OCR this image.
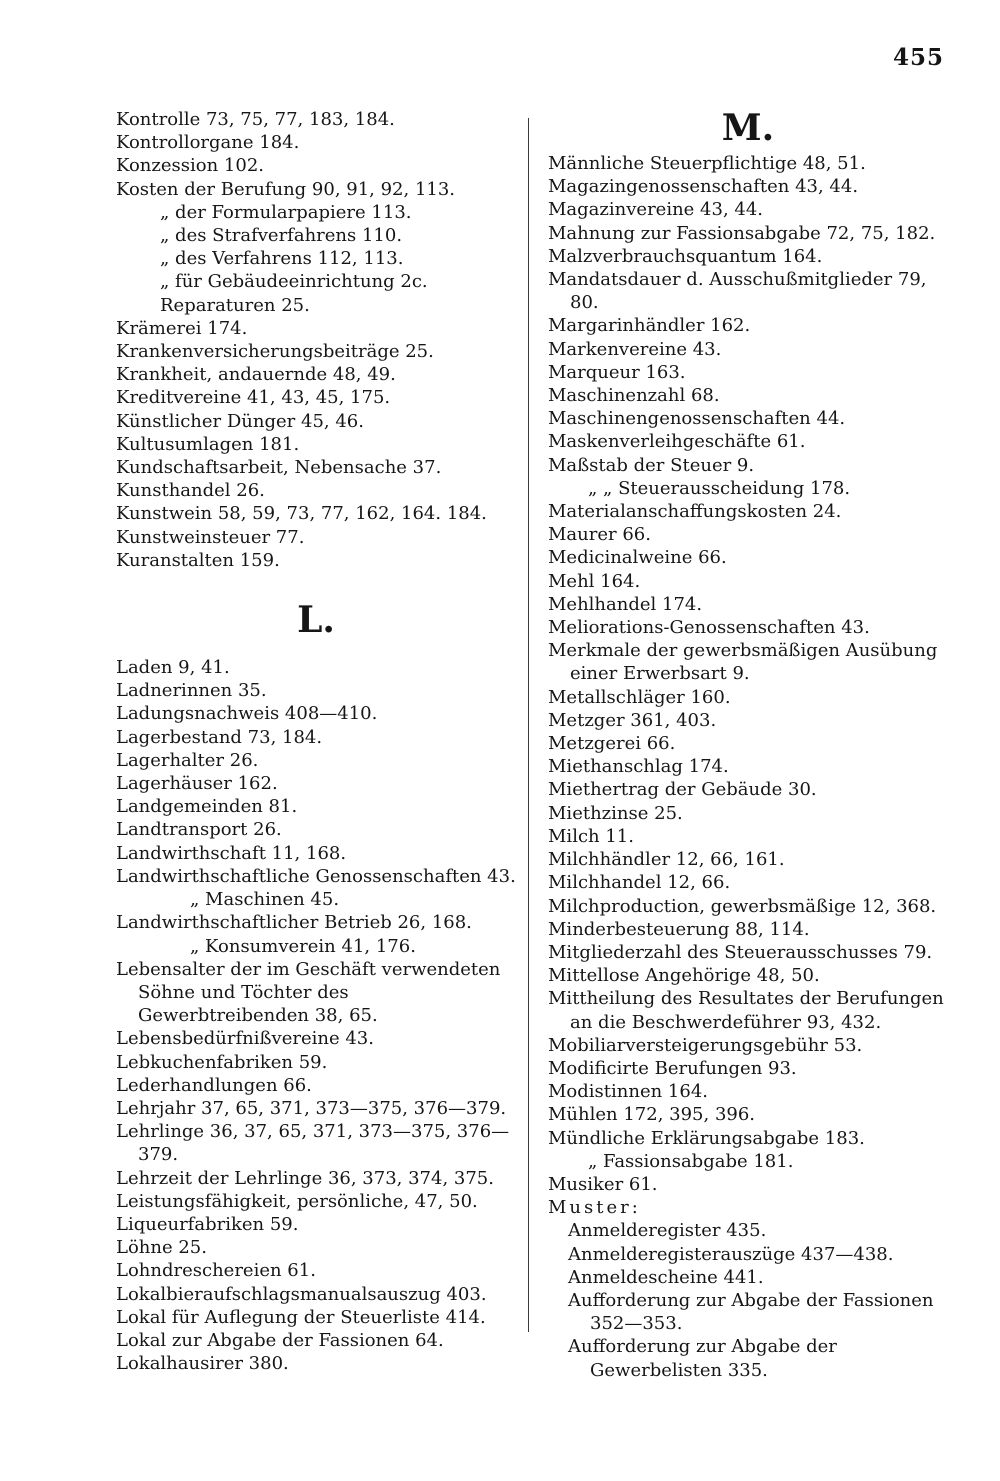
455

Kontrolle 73, 75, 77, 183, 184.

Kontrollorgane 184.

Konzession 102.

Kosten der Berufung 90, 91, 92, 113.

„ der Formularpapiere 113.

„ des Strafverfahrens 110.

„ des Verfahrens 112, 113.

„ für Gebäudeeinrichtung 2c. Reparaturen 25.

Krämerei 174.

Krankenversicherungsbeiträge 25.

Krankheit, andauernde 48, 49.

Kreditvereine 41, 43, 45, 175.

Künstlicher Dünger 45, 46.

Kultusumlagen 181.

Kundschaftsarbeit, Nebensache 37.

Kunsthandel 26.

Kunstwein 58, 59, 73, 77, 162, 164. 184.

Kunstweinsteuer 77.

Kuranstalten 159.

L.

Laden 9, 41.

Ladnerinnen 35.

Ladungsnachweis 408—410.

Lagerbestand 73, 184.

Lagerhalter 26.

Lagerhäuser 162.

Landgemeinden 81.

Landtransport 26.

Landwirthschaft 11, 168.

Landwirthschaftliche Genossenschaften 43.

„ Maschinen 45.

Landwirthschaftlicher Betrieb 26, 168.

„ Konsumverein 41, 176.

Lebensalter der im Geschäft verwendeten Söhne und Töchter des Gewerbtreibenden 38, 65.

Lebensbedürfnißvereine 43.

Lebkuchenfabriken 59.

Lederhandlungen 66.

Lehrjahr 37, 65, 371, 373—375, 376—379.

Lehrlinge 36, 37, 65, 371, 373—375, 376—379.

Lehrzeit der Lehrlinge 36, 373, 374, 375.

Leistungsfähigkeit, persönliche, 47, 50.

Liqueurfabriken 59.

Löhne 25.

Lohndreschereien 61.

Lokalbieraufschlagsmanualsauszug 403.

Lokal für Auflegung der Steuerliste 414.

Lokal zur Abgabe der Fassionen 64.

Lokalhausirer 380.

M.

Männliche Steuerpflichtige 48, 51.

Magazingenossenschaften 43, 44.

Magazinvereine 43, 44.

Mahnung zur Fassionsabgabe 72, 75, 182.

Malzverbrauchsquantum 164.

Mandatsdauer d. Ausschußmitglieder 79, 80.

Margarinhändler 162.

Markenvereine 43.

Marqueur 163.

Maschinenzahl 68.

Maschinengenossenschaften 44.

Maskenverleihgeschäfte 61.

Maßstab der Steuer 9.

„ „ Steuerausscheidung 178.

Materialanschaffungskosten 24.

Maurer 66.

Medicinalweine 66.

Mehl 164.

Mehlhandel 174.

Meliorations-Genossenschaften 43.

Merkmale der gewerbsmäßigen Ausübung einer Erwerbsart 9.

Metallschläger 160.

Metzger 361, 403.

Metzgerei 66.

Miethanschlag 174.

Miethertrag der Gebäude 30.

Miethzinse 25.

Milch 11.

Milchhändler 12, 66, 161.

Milchhandel 12, 66.

Milchproduction, gewerbsmäßige 12, 368.

Minderbesteuerung 88, 114.

Mitgliederzahl des Steuerausschusses 79.

Mittellose Angehörige 48, 50.

Mittheilung des Resultates der Berufungen an die Beschwerdeführer 93, 432.

Mobiliarversteigerungsgebühr 53.

Modificirte Berufungen 93.

Modistinnen 164.

Mühlen 172, 395, 396.

Mündliche Erklärungsabgabe 183.

„ Fassionsabgabe 181.

Musiker 61.

Muster:

Anmelderegister 435.

Anmelderegisterauszüge 437—438.

Anmeldescheine 441.

Aufforderung zur Abgabe der Fassionen 352—353.

Aufforderung zur Abgabe der Gewerbelisten 335.
